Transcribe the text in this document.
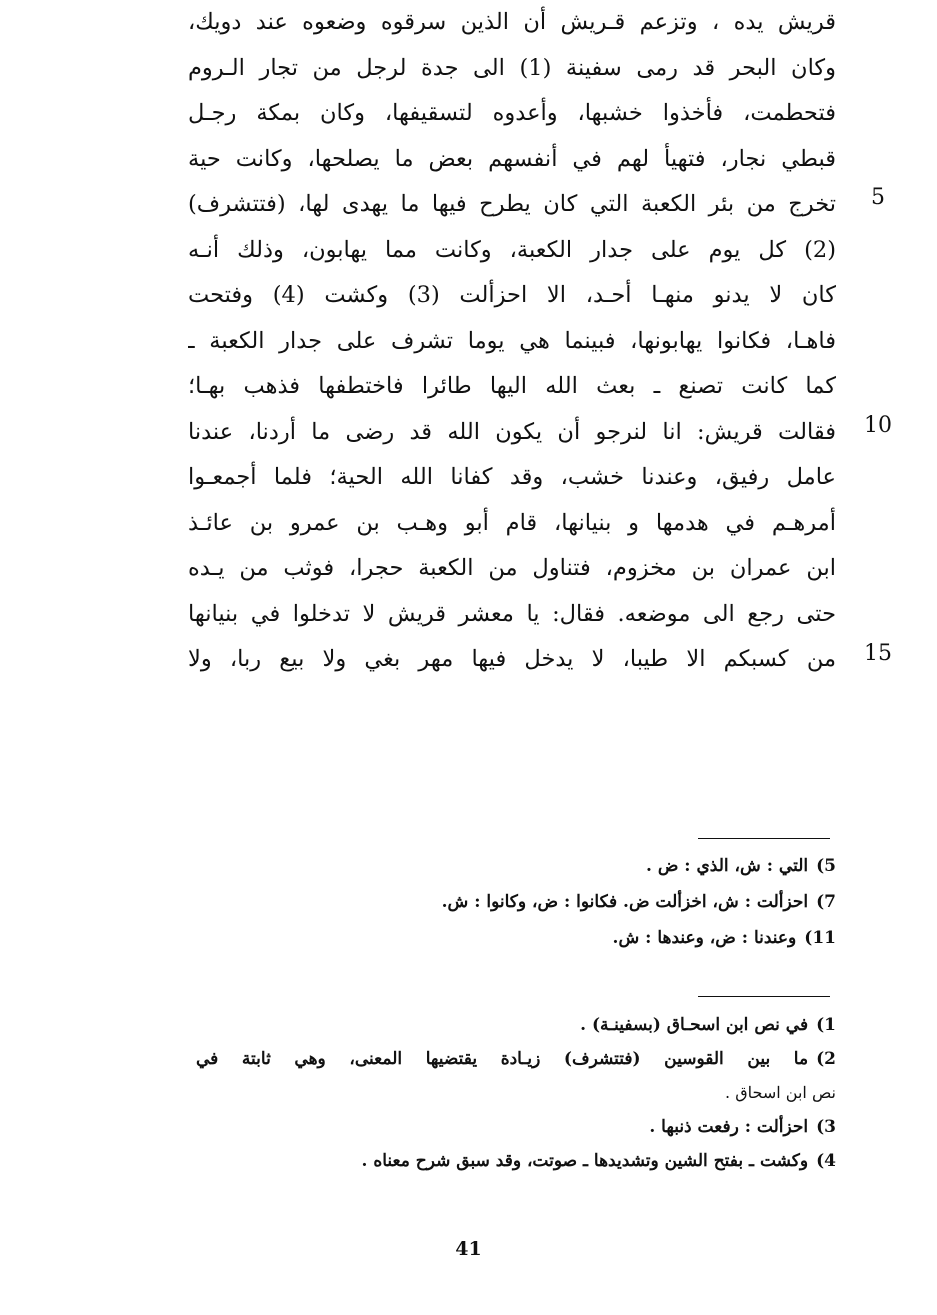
قريش يده ، وتزعم قـريش أن الذين سرقوه وضعوه عند دويك،
وكان البحر قد رمى سفينة (1) الى جدة لرجل من تجار الـروم
فتحطمت، فأخذوا خشبها، وأعدوه لتسقيفها، وكان بمكة رجـل
قبطي نجار، فتهيأ لهم في أنفسهم بعض ما يصلحها، وكانت حية
تخرج من بئر الكعبة التي كان يطرح فيها ما يهدى لها، (فتتشرف)
(2) كل يوم على جدار الكعبة، وكانت مما يهابون، وذلك أنـه
كان لا يدنو منهـا أحـد، الا احزألت (3) وكشت (4) وفتحت
فاهـا، فكانوا يهابونها، فبينما هي يوما تشرف على جدار الكعبة ـ
كما كانت تصنع ـ بعث الله اليها طائرا فاختطفها فذهب بهـا؛
فقالت قريش: انا لنرجو أن يكون الله قد رضى ما أردنا، عندنا
عامل رفيق، وعندنا خشب، وقد كفانا الله الحية؛ فلما أجمعـوا
أمرهـم في هدمها و بنيانها، قام أبو وهـب بن عمرو بن عائـذ
ابن عمران بن مخزوم، فتناول من الكعبة حجرا، فوثب من يـده
حتى رجع الى موضعه. فقال: يا معشر قريش لا تدخلوا في بنيانها
من كسبكم الا طيبا، لا يدخل فيها مهر بغي ولا بيع ربا، ولا
5
10
15
5)التي : ش، الذي : ض .
7)احزألت : ش، اخزألت ض. فكانوا : ض، وكانوا : ش.
11)وعندنا : ض، وعندها : ش.
1)في نص ابن اسحـاق (بسفينـة) .
2)ما بين القوسين (فتتشرف) زيـادة يقتضيها المعنى، وهي ثابتة في
نص ابن اسحاق .
3)احزألت : رفعت ذنبها .
4)وكشت ـ بفتح الشين وتشديدها ـ صوتت، وقد سبق شرح معناه .
41
